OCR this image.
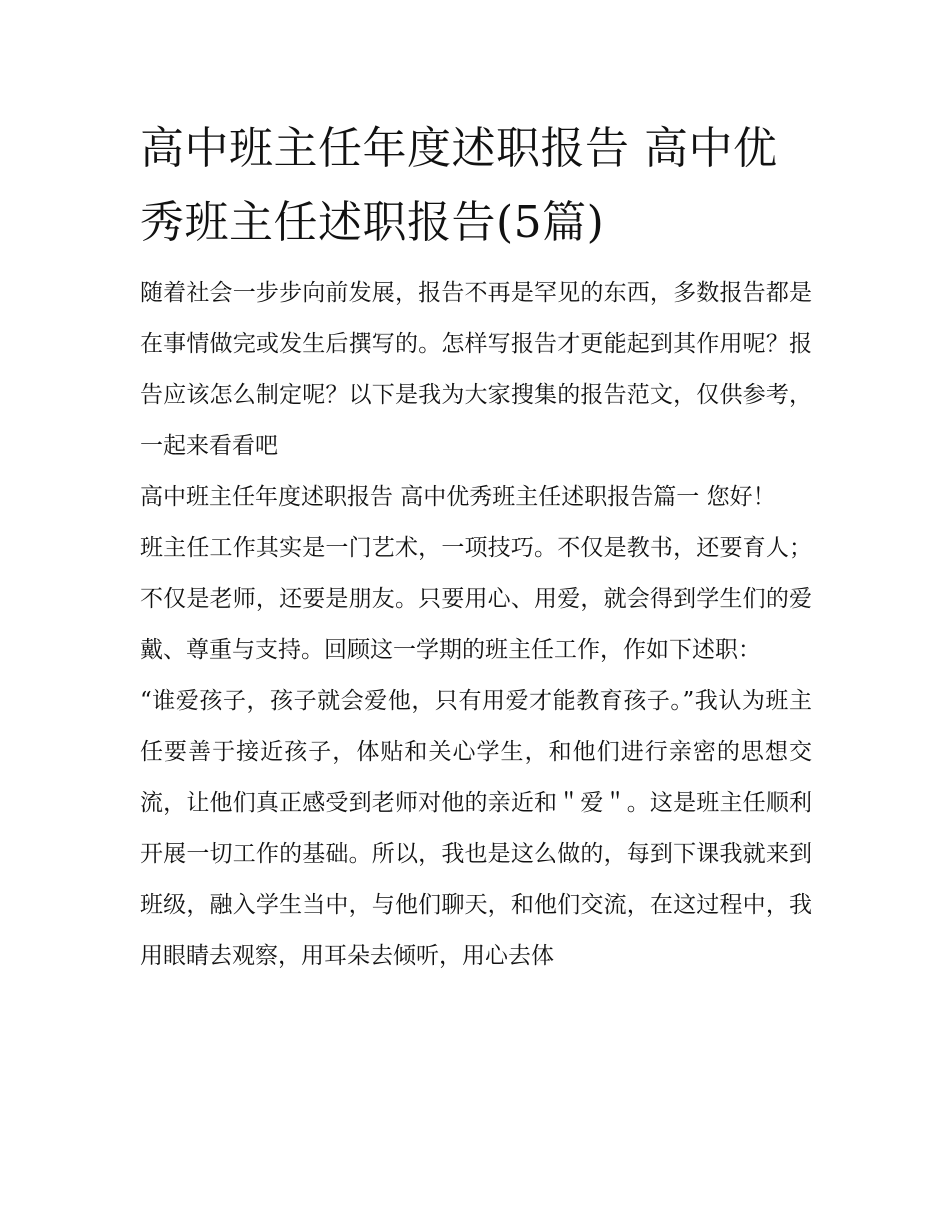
高中班主任年度述职报告 高中优秀班主任述职报告(5篇)

随着社会一步步向前发展，报告不再是罕见的东西，多数报告都是在事情做完或发生后撰写的。怎样写报告才更能起到其作用呢？报告应该怎么制定呢？以下是我为大家搜集的报告范文，仅供参考，一起来看看吧

高中班主任年度述职报告 高中优秀班主任述职报告篇一 您好！

班主任工作其实是一门艺术，一项技巧。不仅是教书，还要育人；不仅是老师，还要是朋友。只要用心、用爱，就会得到学生们的爱戴、尊重与支持。回顾这一学期的班主任工作，作如下述职：

“谁爱孩子，孩子就会爱他，只有用爱才能教育孩子。”我认为班主任要善于接近孩子，体贴和关心学生，和他们进行亲密的思想交流，让他们真正感受到老师对他的亲近和＂爱＂。这是班主任顺利开展一切工作的基础。所以，我也是这么做的，每到下课我就来到班级，融入学生当中，与他们聊天，和他们交流，在这过程中，我用眼睛去观察，用耳朵去倾听，用心去体
